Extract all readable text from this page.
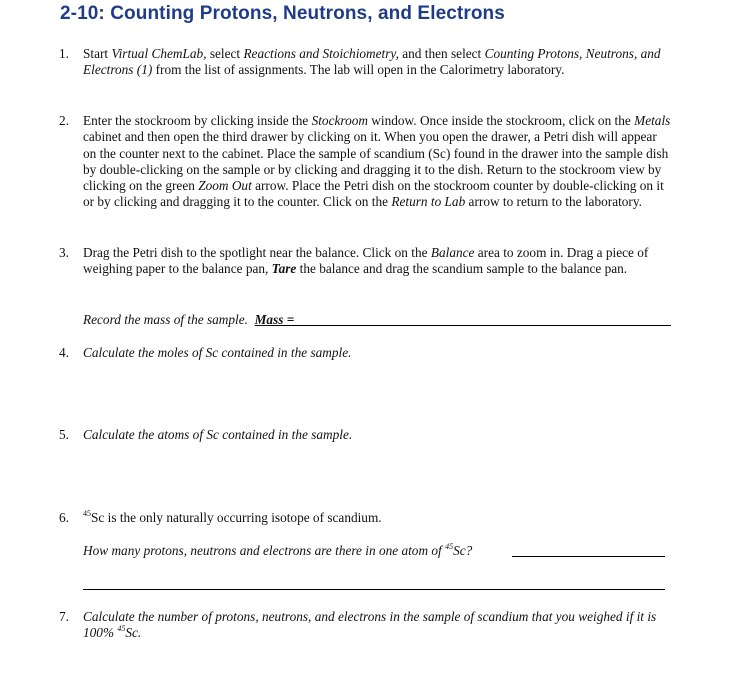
2-10: Counting Protons, Neutrons, and Electrons
1. Start Virtual ChemLab, select Reactions and Stoichiometry, and then select Counting Protons, Neutrons, and Electrons (1) from the list of assignments. The lab will open in the Calorimetry laboratory.
2. Enter the stockroom by clicking inside the Stockroom window. Once inside the stockroom, click on the Metals cabinet and then open the third drawer by clicking on it. When you open the drawer, a Petri dish will appear on the counter next to the cabinet. Place the sample of scandium (Sc) found in the drawer into the sample dish by double-clicking on the sample or by clicking and dragging it to the dish. Return to the stockroom view by clicking on the green Zoom Out arrow. Place the Petri dish on the stockroom counter by double-clicking on it or by clicking and dragging it to the counter. Click on the Return to Lab arrow to return to the laboratory.
3. Drag the Petri dish to the spotlight near the balance. Click on the Balance area to zoom in. Drag a piece of weighing paper to the balance pan, Tare the balance and drag the scandium sample to the balance pan.
Record the mass of the sample. Mass =
4. Calculate the moles of Sc contained in the sample.
5. Calculate the atoms of Sc contained in the sample.
6. $^{45}$Sc is the only naturally occurring isotope of scandium.
How many protons, neutrons and electrons are there in one atom of $^{45}$Sc?
7. Calculate the number of protons, neutrons, and electrons in the sample of scandium that you weighed if it is 100% $^{45}$Sc.
